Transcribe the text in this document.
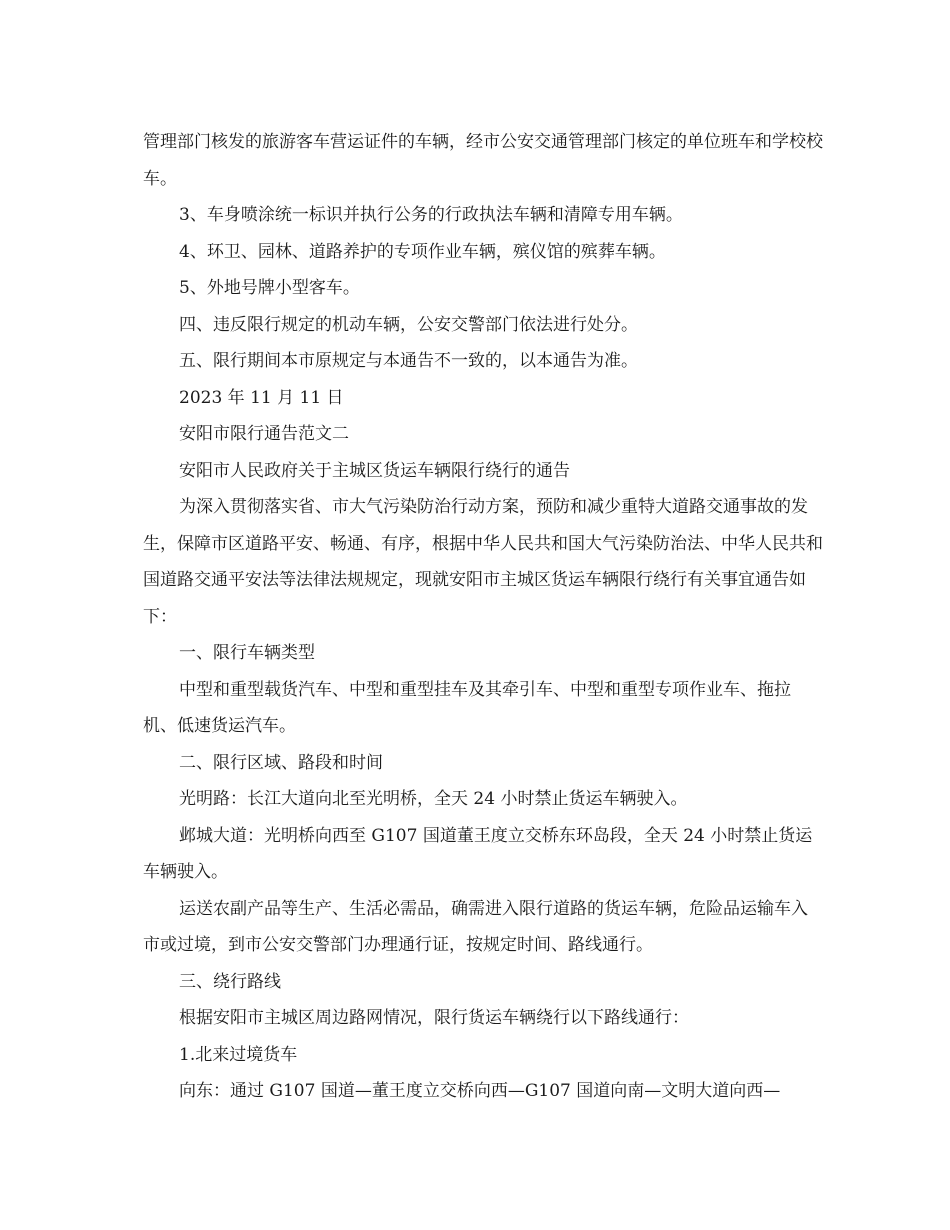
管理部门核发的旅游客车营运证件的车辆，经市公安交通管理部门核定的单位班车和学校校车。

3、车身喷涂统一标识并执行公务的行政执法车辆和清障专用车辆。

4、环卫、园林、道路养护的专项作业车辆，殡仪馆的殡葬车辆。

5、外地号牌小型客车。

四、违反限行规定的机动车辆，公安交警部门依法进行处分。

五、限行期间本市原规定与本通告不一致的，以本通告为准。

2023 年 11 月 11 日

安阳市限行通告范文二

安阳市人民政府关于主城区货运车辆限行绕行的通告

为深入贯彻落实省、市大气污染防治行动方案，预防和减少重特大道路交通事故的发生，保障市区道路平安、畅通、有序，根据中华人民共和国大气污染防治法、中华人民共和国道路交通平安法等法律法规规定，现就安阳市主城区货运车辆限行绕行有关事宜通告如下：

一、限行车辆类型

中型和重型载货汽车、中型和重型挂车及其牵引车、中型和重型专项作业车、拖拉机、低速货运汽车。

二、限行区域、路段和时间

光明路：长江大道向北至光明桥，全天 24 小时禁止货运车辆驶入。

邺城大道：光明桥向西至 G107 国道董王度立交桥东环岛段，全天 24 小时禁止货运车辆驶入。

运送农副产品等生产、生活必需品，确需进入限行道路的货运车辆，危险品运输车入市或过境，到市公安交警部门办理通行证，按规定时间、路线通行。

三、绕行路线

根据安阳市主城区周边路网情况，限行货运车辆绕行以下路线通行：

1.北来过境货车

向东：通过 G107 国道—董王度立交桥向西—G107 国道向南—文明大道向西—
